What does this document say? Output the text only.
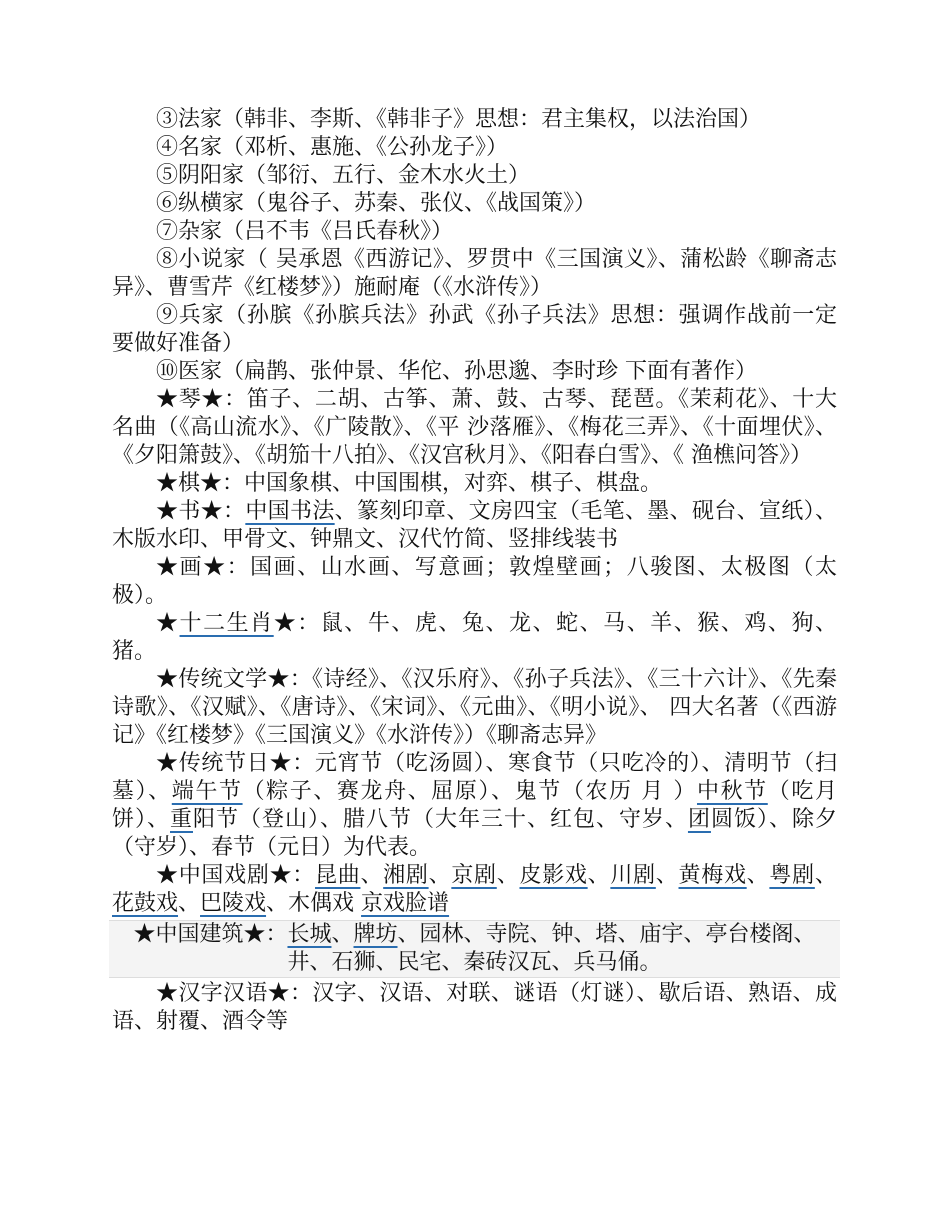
③法家（韩非、李斯、《韩非子》思想：君主集权，以法治国）

④名家（邓析、惠施、《公孙龙子》）

⑤阴阳家（邹衍、五行、金木水火土）

⑥纵横家（鬼谷子、苏秦、张仪、《战国策》）

⑦杂家（吕不韦《吕氏春秋》）

⑧小说家（ 吴承恩《西游记》、罗贯中《三国演义》、蒲松龄《聊斋志异》、曹雪芹《红楼梦》）施耐庵（《水浒传》）

⑨兵家（孙膑《孙膑兵法》孙武《孙子兵法》思想：强调作战前一定要做好准备）

⑩医家（扁鹊、张仲景、华佗、孙思邈、李时珍 下面有著作）

★琴★：笛子、二胡、古筝、萧、鼓、古琴、琵琶。《茉莉花》、十大名曲（《高山流水》、《广陵散》、《平 沙落雁》、《梅花三弄》、《十面埋伏》、《夕阳箫鼓》、《胡笳十八拍》、《汉宫秋月》、《阳春白雪》、《 渔樵问答》）

★棋★：中国象棋、中国围棋，对弈、棋子、棋盘。

★书★：中国书法、篆刻印章、文房四宝（毛笔、墨、砚台、宣纸）、木版水印、甲骨文、钟鼎文、汉代竹简、竖排线装书

★画★：国画、山水画、写意画；敦煌壁画；八骏图、太极图（太极）。

★十二生肖★：鼠、牛、虎、兔、龙、蛇、马、羊、猴、鸡、狗、猪。

★传统文学★：《诗经》、《汉乐府》、《孙子兵法》、《三十六计》、《先秦诗歌》、《汉赋》、《唐诗》、《宋词》、《元曲》、《明小说》、 四大名著（《西游记》《红楼梦》《三国演义》《水浒传》）《聊斋志异》

★传统节日★：元宵节（吃汤圆）、寒食节（只吃冷的）、清明节（扫墓）、端午节（粽子、赛龙舟、屈原）、鬼节（农历 月 ）中秋节（吃月饼）、重阳节（登山）、腊八节（大年三十、红包、守岁、团圆饭）、除夕（守岁）、春节（元日）为代表。

★中国戏剧★：昆曲、湘剧、京剧、皮影戏、川剧、黄梅戏、粤剧、花鼓戏、巴陵戏、木偶戏 京戏脸谱

★中国建筑★：长城、牌坊、园林、寺院、钟、塔、庙宇、亭台楼阁、井、石狮、民宅、秦砖汉瓦、兵马俑。

★汉字汉语★：汉字、汉语、对联、谜语（灯谜）、歇后语、熟语、成语、射覆、酒令等
